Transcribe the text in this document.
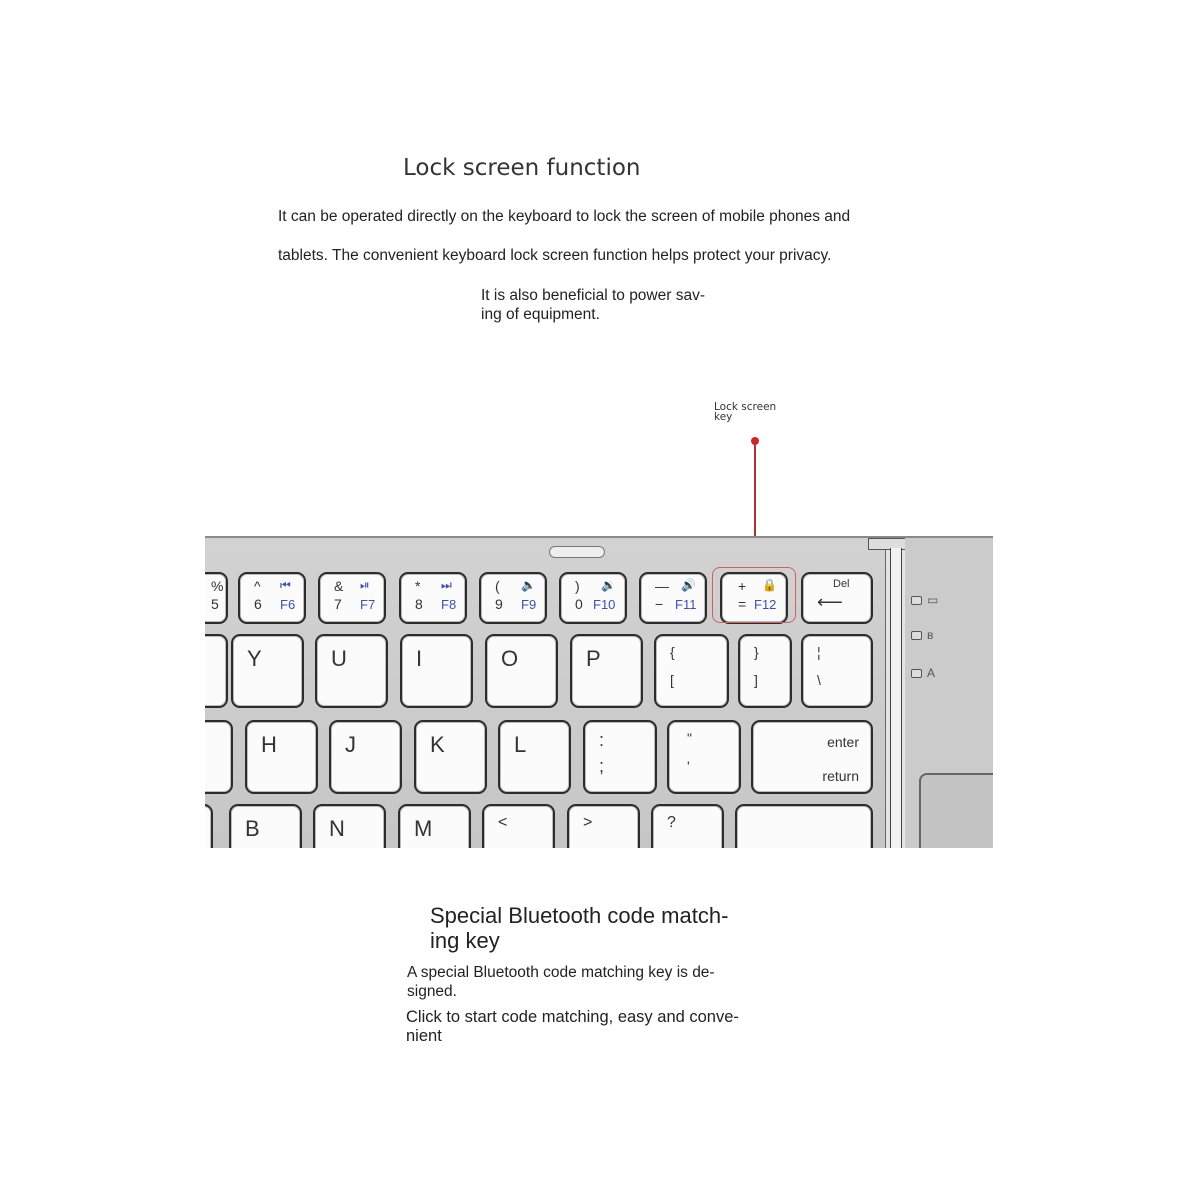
Lock screen function
It can be operated directly on the keyboard to lock the screen of mobile phones and
tablets. The convenient keyboard lock screen function helps protect your privacy.
It is also beneficial to power sav-
ing of equipment.
Lock screen
key
%
5
^ ⏮
6 F6
& ⏯
7 F7
* ⏭
8 F8
( 🔈
9 F9
) 🔉
0 F10
— 🔊
− F11
+ 🔒
= F12
Del
⟵
Y	U	I	O	P	{
[
}
]
¦
\
H	J	K	L	:
;
"
'
enter
return
B	N	M	<	>	?
▭
ʙ
A
Special Bluetooth code match-
ing key
A special Bluetooth code matching key is de-
signed.
Click to start code matching, easy and conve-
nient
